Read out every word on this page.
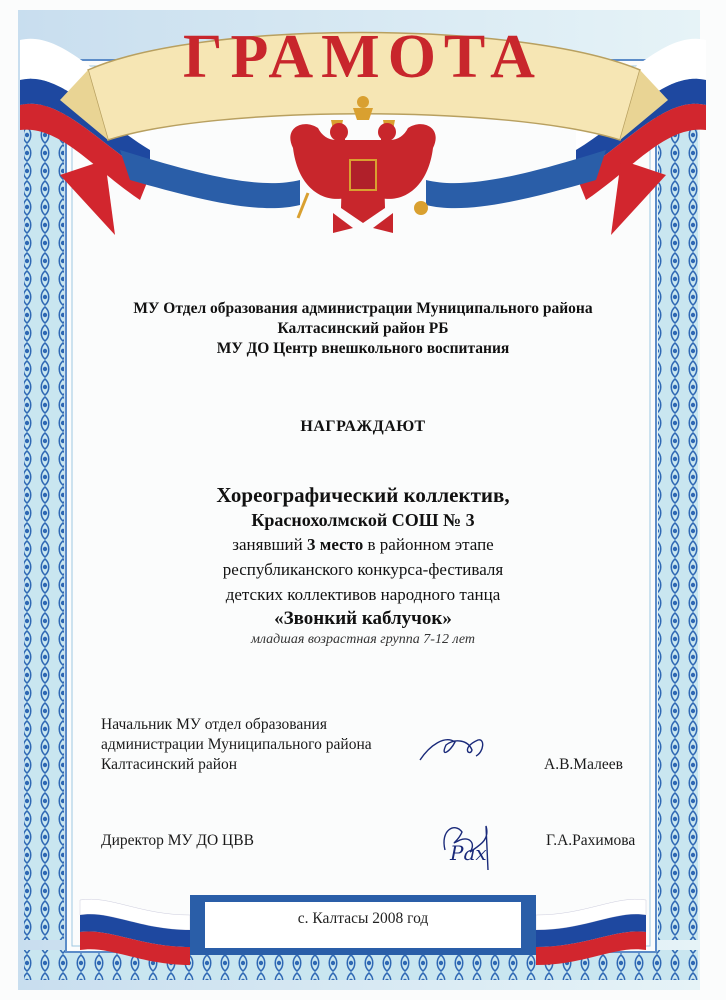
Рах
ГРАМОТА
МУ Отдел образования администрации Муниципального района
Калтасинский район РБ
МУ ДО Центр внешкольного воспитания
НАГРАЖДАЮТ
Хореографический коллектив,
Краснохолмской СОШ № 3
занявший 3 место в районном этапе
республиканского конкурса-фестиваля
детских коллективов народного танца
«Звонкий каблучок»
младшая возрастная группа 7-12 лет
Начальник МУ отдел образования
администрации Муниципального района
Калтасинский район	А.В.Малеев
Директор МУ ДО ЦВВ	Г.А.Рахимова
с. Калтасы 2008 год
